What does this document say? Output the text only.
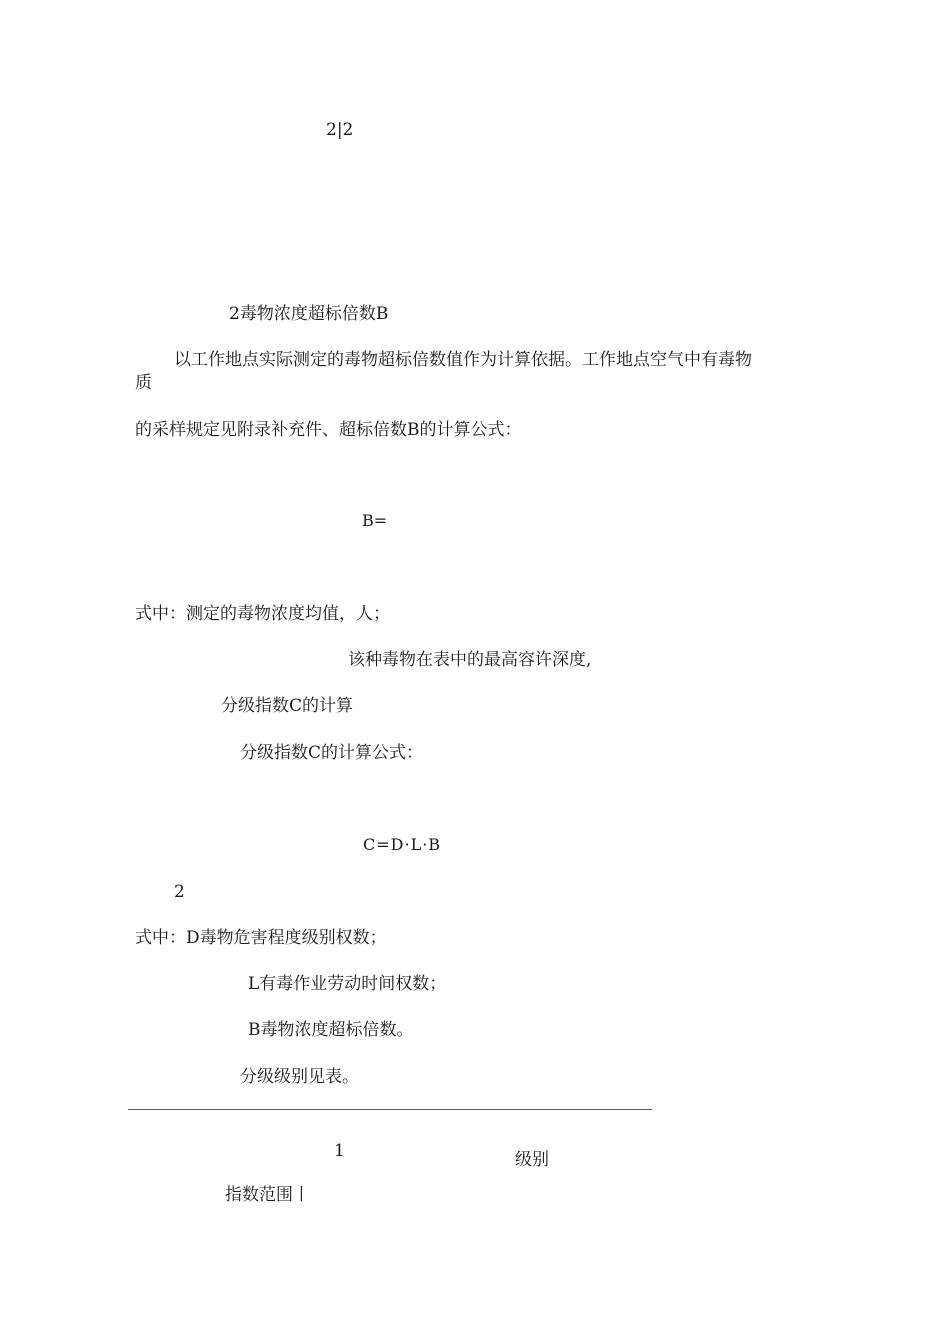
2|2
2毒物浓度超标倍数B
以工作地点实际测定的毒物超标倍数值作为计算依据。工作地点空气中有毒物
质
的采样规定见附录补充件、超标倍数B的计算公式：
B=
式中：测定的毒物浓度均值，人；
该种毒物在表中的最高容许深度,
分级指数C的计算
分级指数C的计算公式：
C=D·L·B
2
式中：D毒物危害程度级别权数；
L有毒作业劳动时间权数；
B毒物浓度超标倍数。
分级级别见表。
1	级别
指数范围丨
